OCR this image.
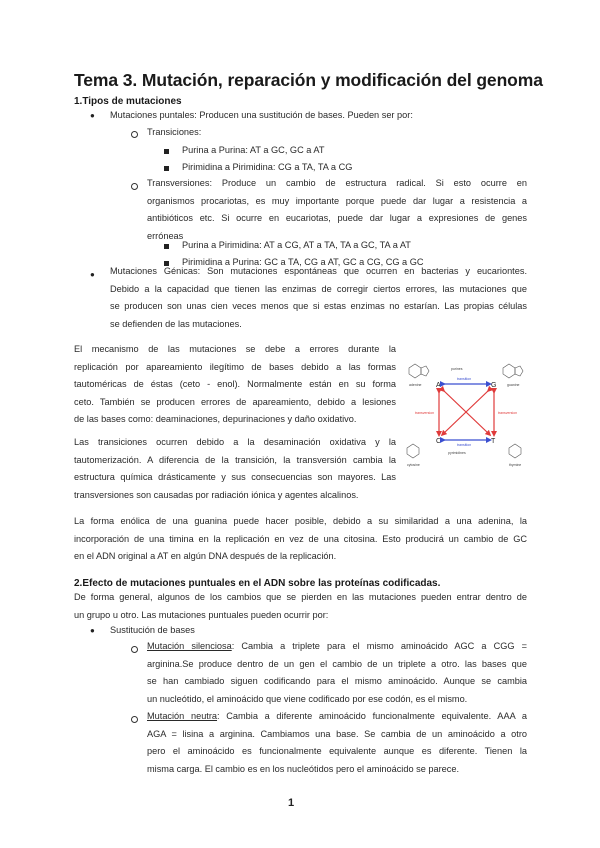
Tema 3. Mutación, reparación y modificación del genoma
1.Tipos de mutaciones
● Mutaciones puntales: Producen una sustitución de bases. Pueden ser por:
Transiciones:
Purina a Purina: AT a GC, GC a AT
Pirimidina a Pirimidina: CG a TA, TA a CG
Transversiones: Produce un cambio de estructura radical. Si esto ocurre en
organismos procariotas, es muy importante porque puede dar lugar a resistencia a
antibióticos etc. Si ocurre en eucariotas, puede dar lugar a expresiones de genes
erróneas
Purina a Pirimidina: AT a CG, AT a TA, TA a GC, TA a AT
Pirimidina a Purina: GC a TA, CG a AT, GC a CG, CG a GC
● Mutaciones Génicas: Son mutaciones espontáneas que ocurren en bacterias y eucariontes.
Debido a la capacidad que tienen las enzimas de corregir ciertos errores, las mutaciones que
se producen son unas cien veces menos que si estas enzimas no estarían. Las propias células
se defienden de las mutaciones.
El mecanismo de las mutaciones se debe a errores durante la
replicación por apareamiento ilegítimo de bases debido a las formas
tautoméricas de éstas (ceto - enol). Normalmente están en su forma
ceto. También se producen errores de apareamiento, debido a lesiones
de las bases como: deaminaciones, depurinaciones y daño oxidativo.
Las transiciones ocurren debido a la desaminación oxidativa y la
tautomerización. A diferencia de la transición, la transversión cambia la
estructura química drásticamente y sus consecuencias son mayores. Las
transversiones son causadas por radiación iónica y agentes alcalinos.
adenine	guanine
cytosine	thymine
purines
pyrimidines
A	G
C	T
transition
transition
transversion	transversion
La forma enólica de una guanina puede hacer posible, debido a su similaridad a una adenina, la
incorporación de una timina en la replicación en vez de una citosina. Esto producirá un cambio de GC
en el ADN original a AT en algún DNA después de la replicación.
2.Efecto de mutaciones puntuales en el ADN sobre las proteínas codificadas.
De forma general, algunos de los cambios que se pierden en las mutaciones pueden entrar dentro de
un grupo u otro. Las mutaciones puntuales pueden ocurrir por:
● Sustitución de bases
Mutación silenciosa: Cambia a triplete para el mismo aminoácido AGC a CGG =
arginina.Se produce dentro de un gen el cambio de un triplete a otro. las bases que
se han cambiado siguen codificando para el mismo aminoácido. Aunque se cambia
un nucleótido, el aminoácido que viene codificado por ese codón, es el mismo.
Mutación neutra: Cambia a diferente aminoácido funcionalmente equivalente. AAA a
AGA = lisina a arginina. Cambiamos una base. Se cambia de un aminoácido a otro
pero el aminoácido es funcionalmente equivalente aunque es diferente. Tienen la
misma carga. El cambio es en los nucleótidos pero el aminoácido se parece.
1
